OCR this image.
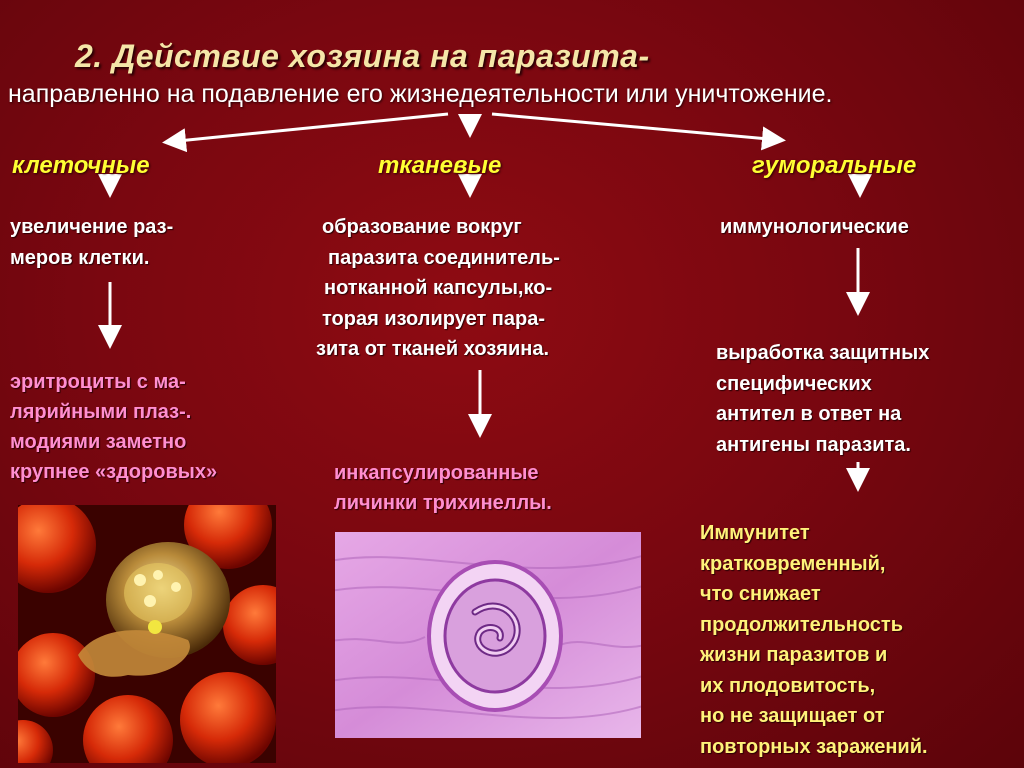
2. Действие хозяина на паразита-

направленно на подавление его жизнедеятельности или уничтожение.

клеточные	тканевые	гуморальные

увеличение раз-
меров клетки.
эритроциты с ма-
лярийными плаз-.
модиями заметно
крупнее «здоровых»
образование вокруг
паразита соединитель-
нотканной капсулы,ко-
торая изолирует пара-
зита от тканей хозяина.
инкапсулированные
личинки трихинеллы.
иммунологические
выработка защитных
специфических
антител в ответ на
антигены паразита.
Иммунитет
кратковременный,
что снижает
продолжительность
жизни паразитов и
их плодовитость,
но не защищает от
повторных заражений.
